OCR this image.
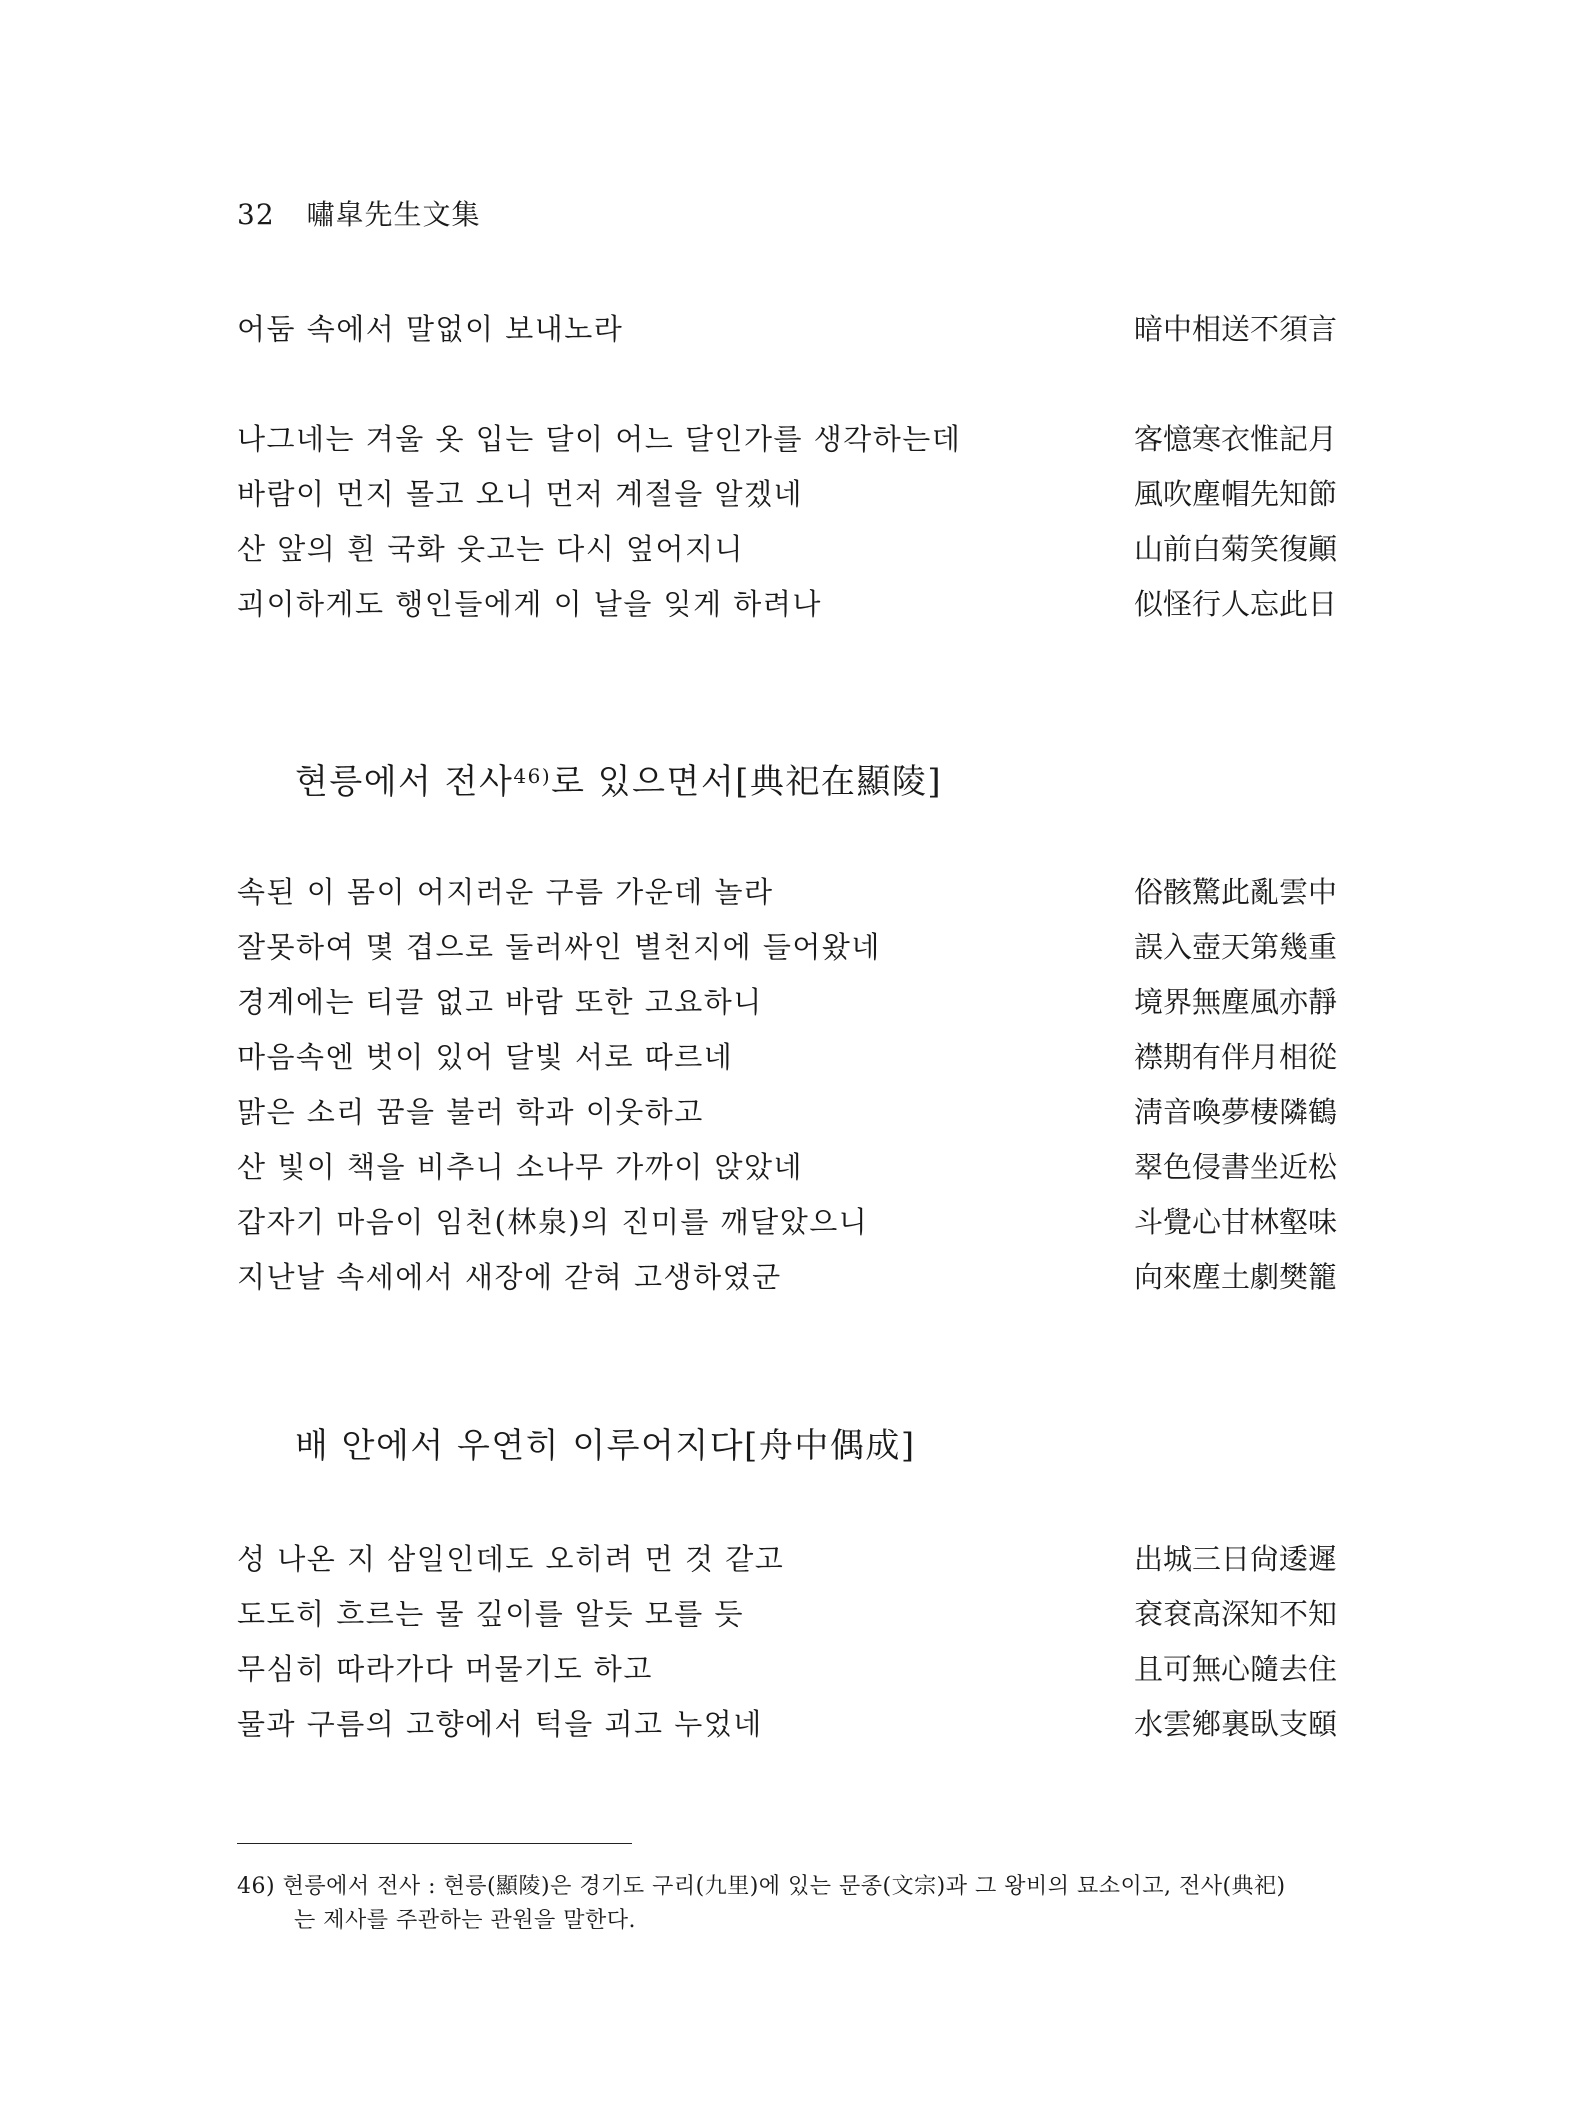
32 嘯皐先生文集
어둠 속에서 말없이 보내노라	暗中相送不須言
나그네는 겨울 옷 입는 달이 어느 달인가를 생각하는데	客憶寒衣惟記月
바람이 먼지 몰고 오니 먼저 계절을 알겠네	風吹塵帽先知節
산 앞의 흰 국화 웃고는 다시 엎어지니	山前白菊笑復顚
괴이하게도 행인들에게 이 날을 잊게 하려나	似怪行人忘此日
현릉에서 전사$^{46)}$로 있으면서[典祀在顯陵]
속된 이 몸이 어지러운 구름 가운데 놀라	俗骸驚此亂雲中
잘못하여 몇 겹으로 둘러싸인 별천지에 들어왔네	誤入壺天第幾重
경계에는 티끌 없고 바람 또한 고요하니	境界無塵風亦靜
마음속엔 벗이 있어 달빛 서로 따르네	襟期有伴月相從
맑은 소리 꿈을 불러 학과 이웃하고	淸音喚夢棲隣鶴
산 빛이 책을 비추니 소나무 가까이 앉았네	翠色侵書坐近松
갑자기 마음이 임천(林泉)의 진미를 깨달았으니	斗覺心甘林壑味
지난날 속세에서 새장에 갇혀 고생하였군	向來塵土劇樊籠
배 안에서 우연히 이루어지다[舟中偶成]
성 나온 지 삼일인데도 오히려 먼 것 같고	出城三日尙逶遲
도도히 흐르는 물 깊이를 알듯 모를 듯	袞袞高深知不知
무심히 따라가다 머물기도 하고	且可無心隨去住
물과 구름의 고향에서 턱을 괴고 누었네	水雲鄕裏臥支頤
46) 현릉에서 전사 : 현릉(顯陵)은 경기도 구리(九里)에 있는 문종(文宗)과 그 왕비의 묘소이고, 전사(典祀)
는 제사를 주관하는 관원을 말한다.
